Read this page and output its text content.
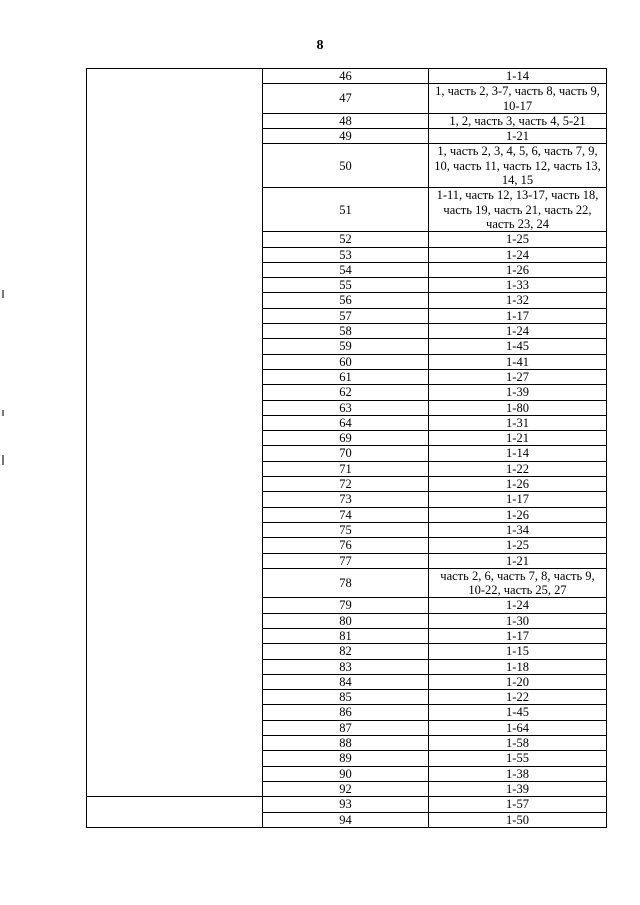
8
	46	1-14
	47	1, часть 2, 3-7, часть 8, часть 9, 10-17
	48	1, 2, часть 3, часть 4, 5-21
	49	1-21
	50	1, часть 2, 3, 4, 5, 6, часть 7, 9, 10, часть 11, часть 12, часть 13, 14, 15
	51	1-11, часть 12, 13-17, часть 18, часть 19, часть 21, часть 22, часть 23, 24
	52	1-25
	53	1-24
	54	1-26
	55	1-33
	56	1-32
	57	1-17
	58	1-24
	59	1-45
	60	1-41
	61	1-27
	62	1-39
	63	1-80
	64	1-31
	69	1-21
	70	1-14
	71	1-22
	72	1-26
	73	1-17
	74	1-26
	75	1-34
	76	1-25
	77	1-21
	78	часть 2, 6, часть 7, 8, часть 9, 10-22, часть 25, 27
	79	1-24
	80	1-30
	81	1-17
	82	1-15
	83	1-18
	84	1-20
	85	1-22
	86	1-45
	87	1-64
	88	1-58
	89	1-55
	90	1-38
	92	1-39
	93	1-57
	94	1-50
